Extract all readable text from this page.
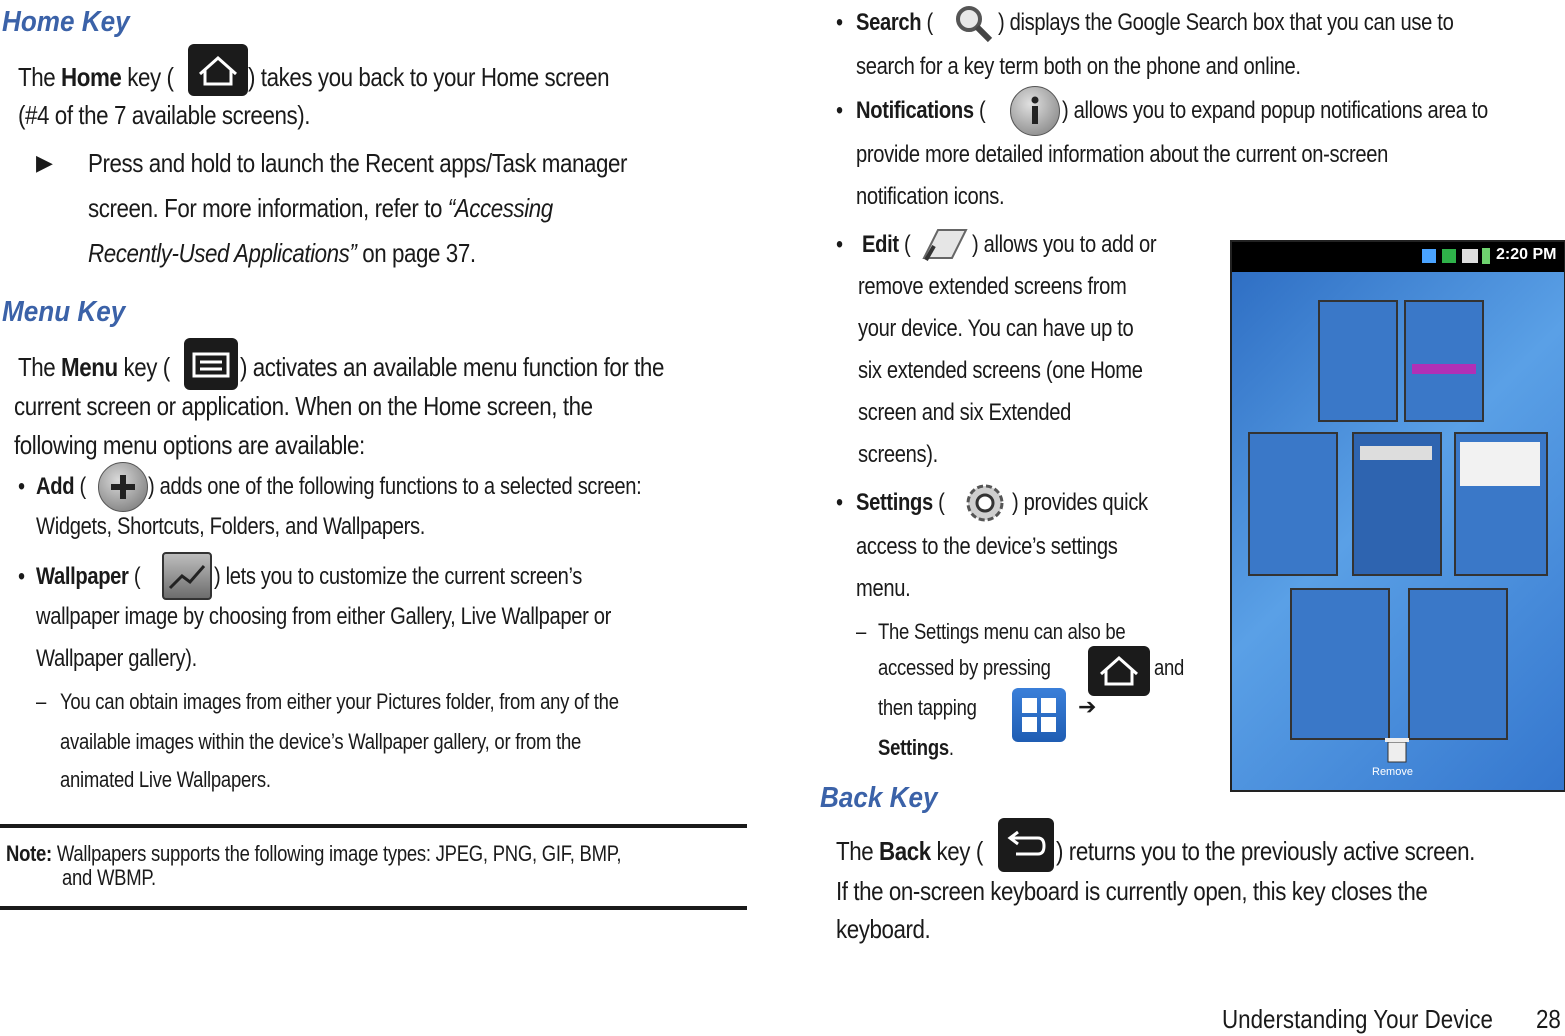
Home Key
The Home key (	) takes you back to your Home screen
(#4 of the 7 available screens).
▶ Press and hold to launch the Recent apps/Task manager
screen. For more information, refer to “Accessing
Recently-Used Applications” on page 37.
Menu Key
The Menu key (	) activates an available menu function for the
current screen or application. When on the Home screen, the
following menu options are available:
• Add (	) adds one of the following functions to a selected screen:
Widgets, Shortcuts, Folders, and Wallpapers.
• Wallpaper (	) lets you to customize the current screen’s
wallpaper image by choosing from either Gallery, Live Wallpaper or
Wallpaper gallery).
– You can obtain images from either your Pictures folder, from any of the
available images within the device’s Wallpaper gallery, or from the
animated Live Wallpapers.
Note: Wallpapers supports the following image types: JPEG, PNG, GIF, BMP,
and WBMP.
• Search (	) displays the Google Search box that you can use to
search for a key term both on the phone and online.
• Notifications (	) allows you to expand popup notifications area to
provide more detailed information about the current on-screen
notification icons.
• Edit (	) allows you to add or
remove extended screens from
your device. You can have up to
six extended screens (one Home
screen and six Extended
screens).
• Settings (	) provides quick
access to the device’s settings
menu.
– The Settings menu can also be
accessed by pressing	and
then tapping	➔
Settings.
2:20 PM
Remove
Back Key
The Back key (	) returns you to the previously active screen.
If the on-screen keyboard is currently open, this key closes the
keyboard.
Understanding Your Device 28
